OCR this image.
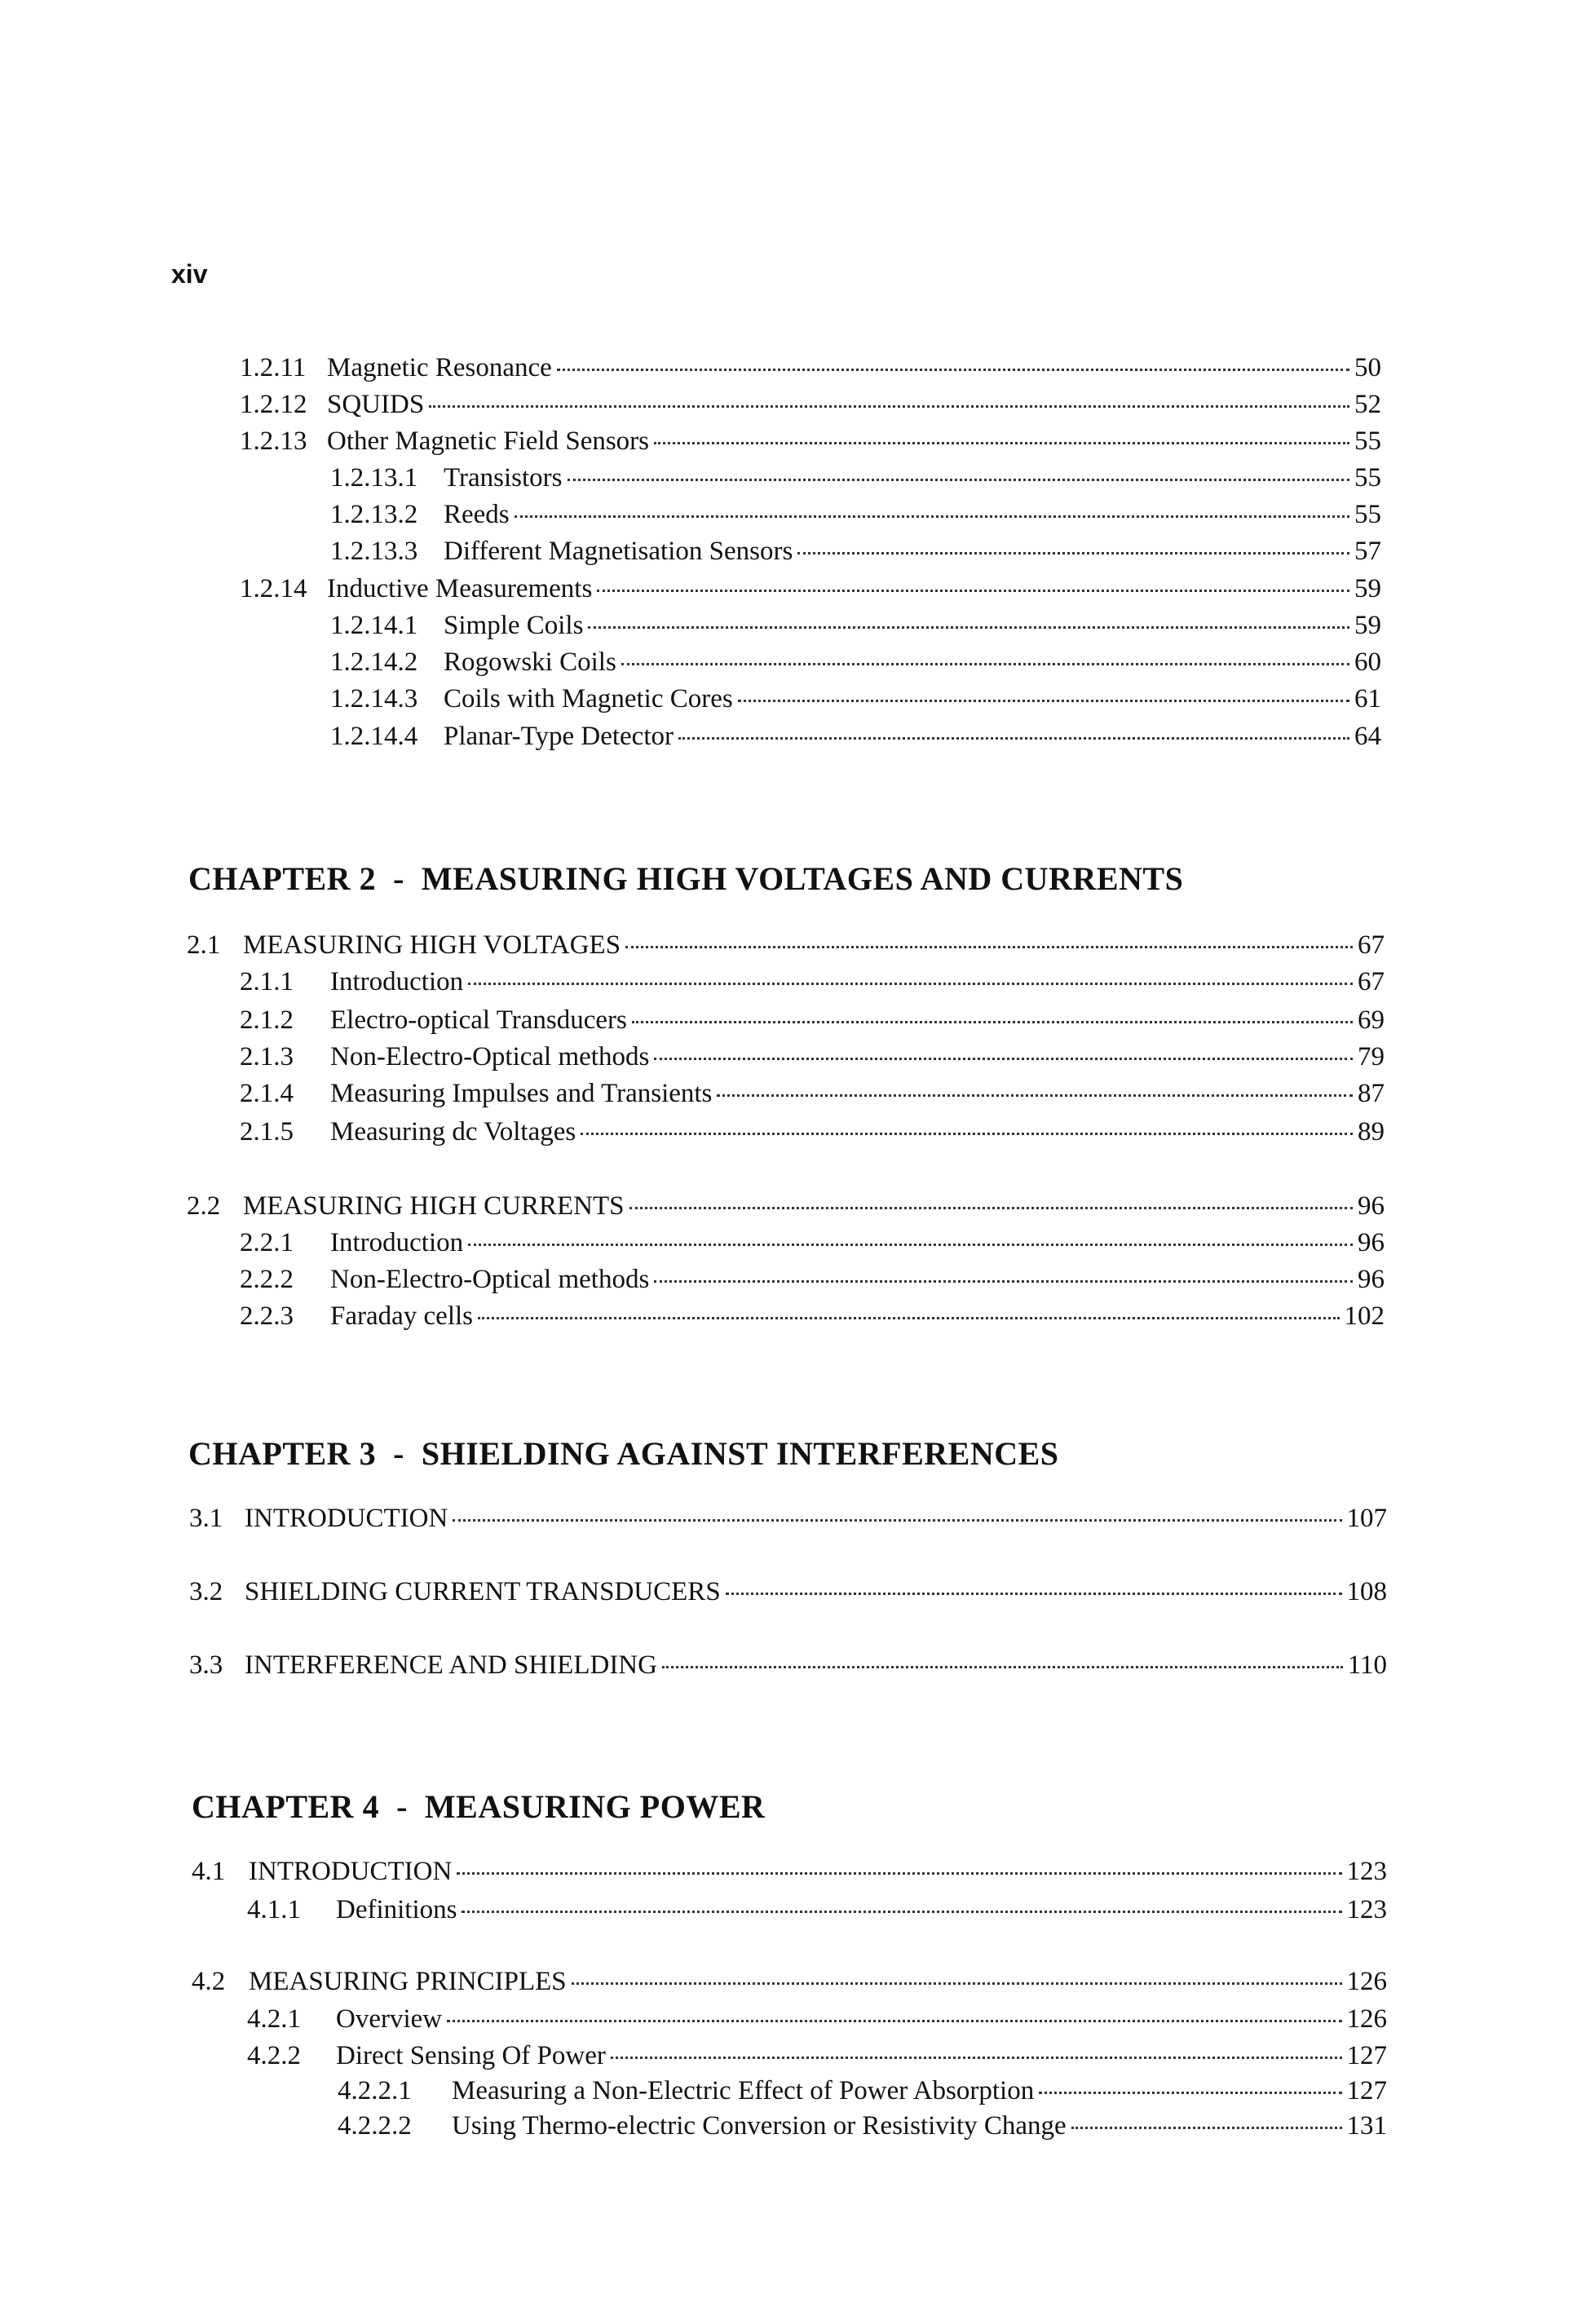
xiv
1.2.11 Magnetic Resonance	50
1.2.12 SQUIDS	52
1.2.13 Other Magnetic Field Sensors	55
1.2.13.1 Transistors	55
1.2.13.2 Reeds	55
1.2.13.3 Different Magnetisation Sensors	57
1.2.14 Inductive Measurements	59
1.2.14.1 Simple Coils	59
1.2.14.2 Rogowski Coils	60
1.2.14.3 Coils with Magnetic Cores	61
1.2.14.4 Planar-Type Detector	64
CHAPTER 2  -  MEASURING HIGH VOLTAGES AND CURRENTS
2.1 MEASURING HIGH VOLTAGES	67
2.1.1	Introduction	67
2.1.2	Electro-optical Transducers	69
2.1.3	Non-Electro-Optical methods	79
2.1.4	Measuring Impulses and Transients	87
2.1.5	Measuring dc Voltages	89
2.2 MEASURING HIGH CURRENTS	96
2.2.1	Introduction	96
2.2.2	Non-Electro-Optical methods	96
2.2.3	Faraday cells	102
CHAPTER 3  -  SHIELDING AGAINST INTERFERENCES
3.1 INTRODUCTION	107
3.2 SHIELDING CURRENT TRANSDUCERS	108
3.3 INTERFERENCE AND SHIELDING	110
CHAPTER 4  -  MEASURING POWER
4.1 INTRODUCTION	123
4.1.1	Definitions	123
4.2 MEASURING PRINCIPLES	126
4.2.1	Overview	126
4.2.2	Direct Sensing Of Power	127
4.2.2.1	Measuring a Non-Electric Effect of Power Absorption	127
4.2.2.2	Using Thermo-electric Conversion or Resistivity Change	131
